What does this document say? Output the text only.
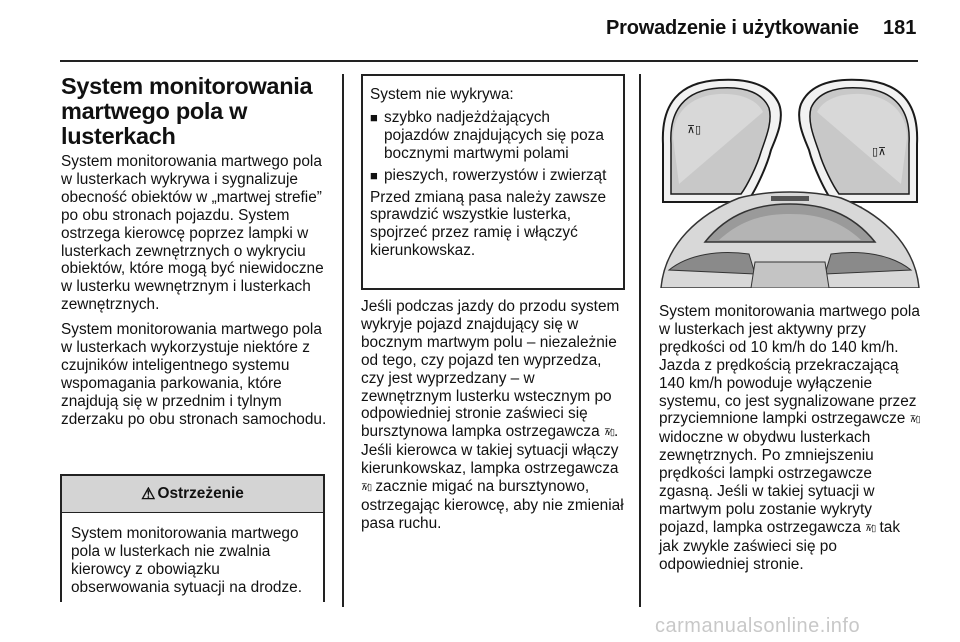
Prowadzenie i użytkowanie 181
System monitorowania martwego pola w lusterkach

System monitorowania martwego pola w lusterkach wykrywa i sygnalizuje obecność obiektów w „martwej strefie” po obu stronach pojazdu. System ostrzega kierowcę poprzez lampki w lusterkach zewnętrznych o wykryciu obiektów, które mogą być niewidoczne w lusterku wewnętrznym i lusterkach zewnętrznych.

System monitorowania martwego pola w lusterkach wykorzystuje niektóre z czujników inteligentnego systemu wspomagania parkowania, które znajdują się w przednim i tylnym zderzaku po obu stronach samochodu.

⚠ Ostrzeżenie
System monitorowania martwego pola w lusterkach nie zwalnia kierowcy z obowiązku obserwowania sytuacji na drodze.
System nie wykrywa:
■ szybko nadjeżdżających pojazdów znajdujących się poza bocznymi martwymi polami
■ pieszych, rowerzystów i zwierząt
Przed zmianą pasa należy zawsze sprawdzić wszystkie lusterka, spojrzeć przez ramię i włączyć kierunkowskaz.

Jeśli podczas jazdy do przodu system wykryje pojazd znajdujący się w bocznym martwym polu – niezależnie od tego, czy pojazd ten wyprzedza, czy jest wyprzedzany – w zewnętrznym lusterku wstecznym po odpowiedniej stronie zaświeci się bursztynowa lampka ostrzegawcza ⊼⁄▯. Jeśli kierowca w takiej sytuacji włączy kierunkowskaz, lampka ostrzegawcza ⊼⁄▯ zacznie migać na bursztynowo, ostrzegając kierowcę, aby nie zmieniał pasa ruchu.

⊼▯
▯⊼

System monitorowania martwego pola w lusterkach jest aktywny przy prędkości od 10 km/h do 140 km/h. Jazda z prędkością przekraczającą 140 km/h powoduje wyłączenie systemu, co jest sygnalizowane przez przyciemnione lampki ostrzegawcze ⊼⁄▯ widoczne w obydwu lusterkach zewnętrznych. Po zmniejszeniu prędkości lampki ostrzegawcze zgasną. Jeśli w takiej sytuacji w martwym polu zostanie wykryty pojazd, lampka ostrzegawcza ⊼⁄▯ tak jak zwykle zaświeci się po odpowiedniej stronie.

carmanualsonline.info
